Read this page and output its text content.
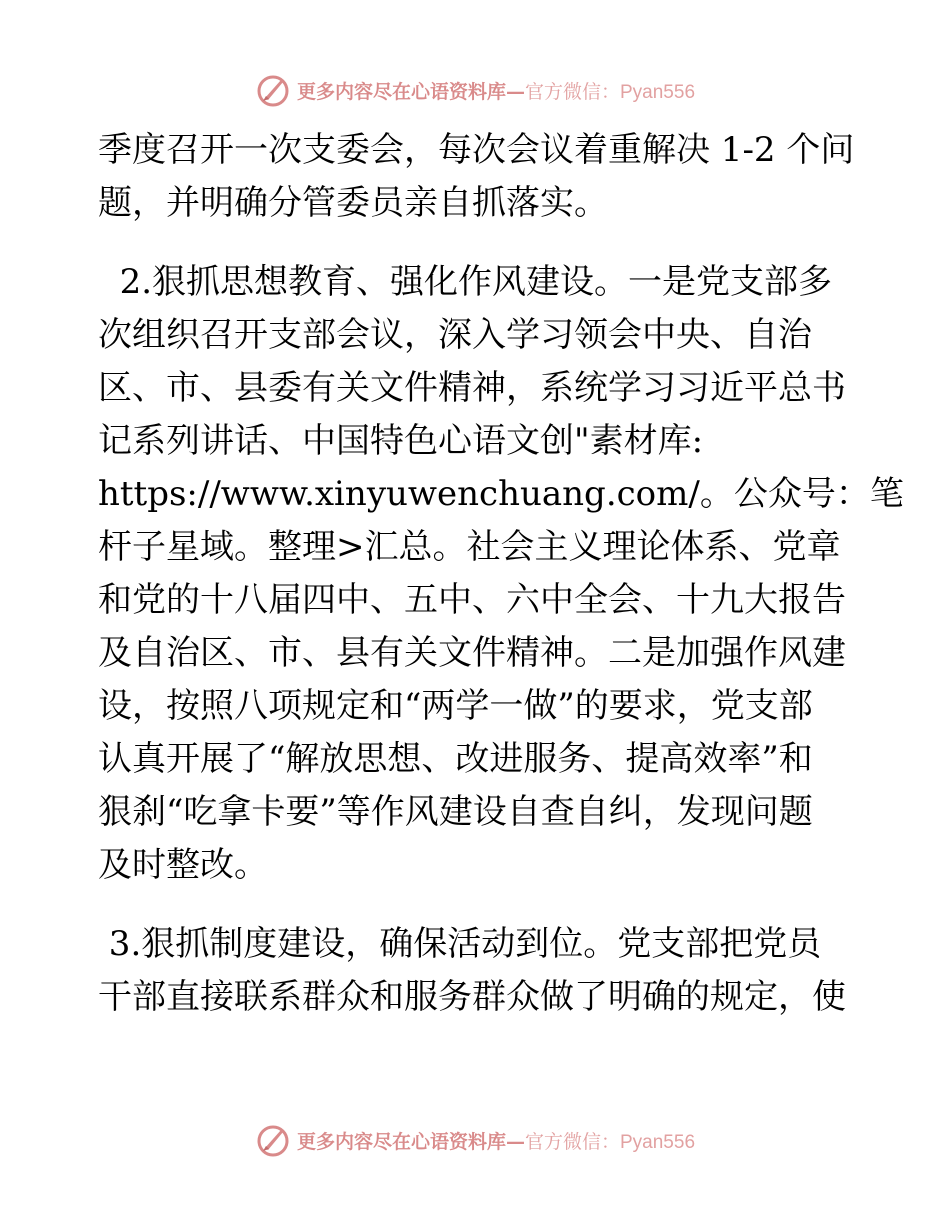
更多内容尽在心语资料库—官方微信：Pyan556
季度召开一次支委会，每次会议着重解决 1-2 个问
题，并明确分管委员亲自抓落实。
2.狠抓思想教育、强化作风建设。一是党支部多
次组织召开支部会议，深入学习领会中央、自治
区、市、县委有关文件精神，系统学习习近平总书
记系列讲话、中国特色心语文创"素材库:
https://www.xinyuwenchuang.com/。公众号：笔
杆子星域。整理>汇总。社会主义理论体系、党章
和党的十八届四中、五中、六中全会、十九大报告
及自治区、市、县有关文件精神。二是加强作风建
设，按照八项规定和“两学一做”的要求，党支部
认真开展了“解放思想、改进服务、提高效率”和
狠刹“吃拿卡要”等作风建设自查自纠，发现问题
及时整改。
3.狠抓制度建设，确保活动到位。党支部把党员
干部直接联系群众和服务群众做了明确的规定，使
更多内容尽在心语资料库—官方微信：Pyan556
